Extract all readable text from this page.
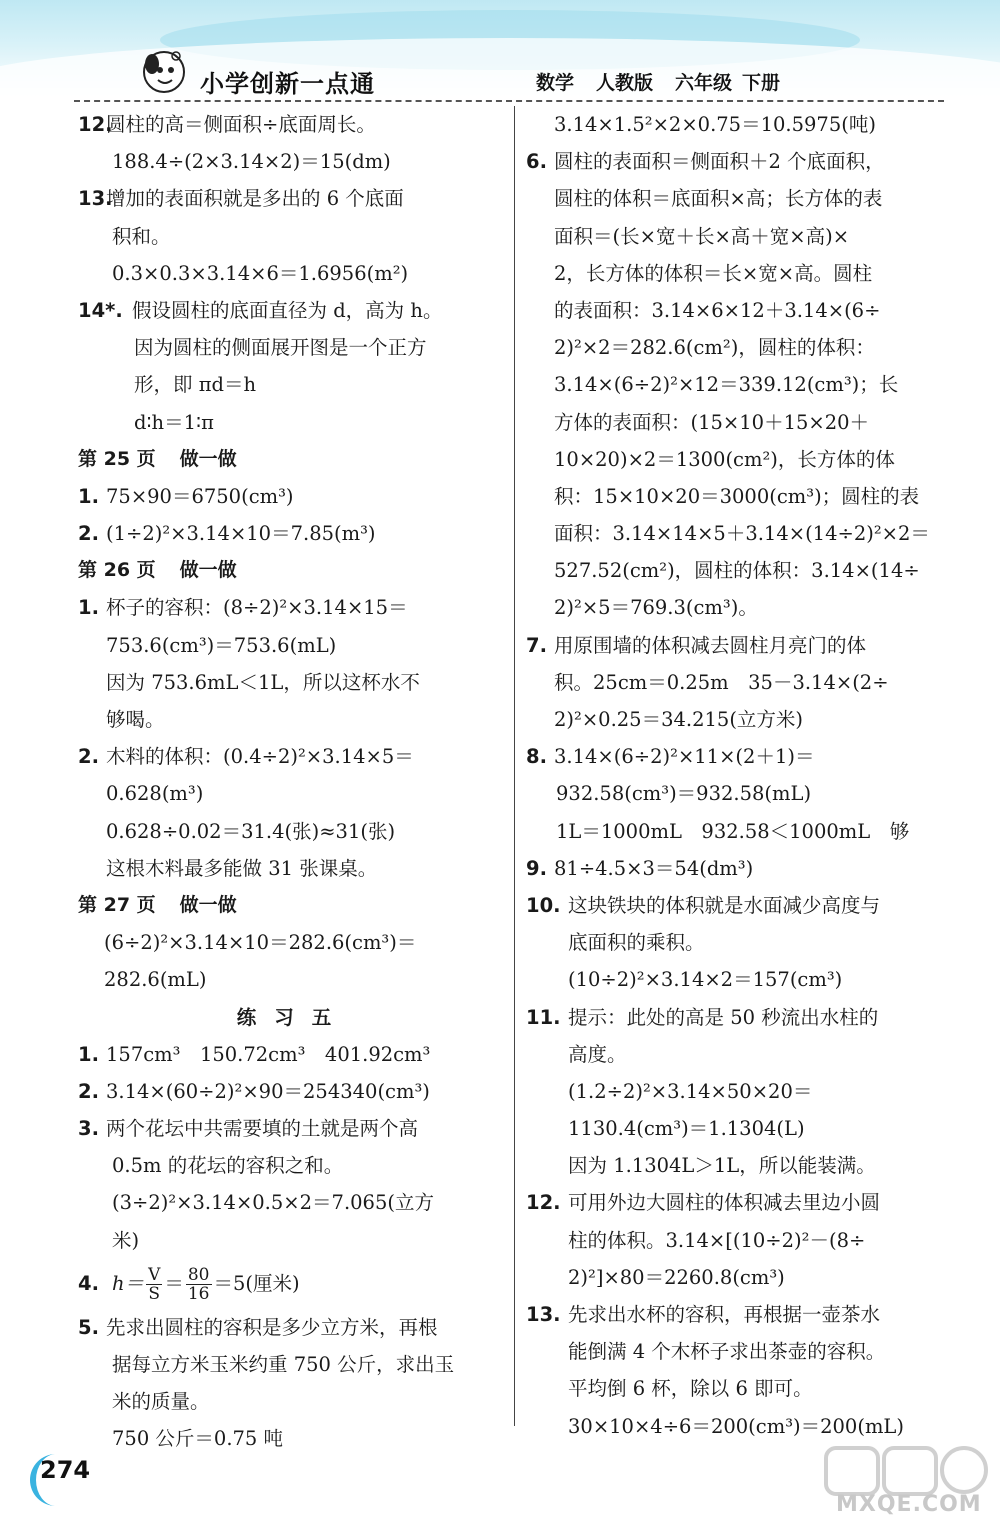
小学创新一点通	数学 人教版 六年级 下册
12.圆柱的高＝侧面积÷底面周长。
188.4÷(2×3.14×2)＝15(dm)
13.增加的表面积就是多出的 6 个底面
积和。
0.3×0.3×3.14×6＝1.6956(m²)
14*. 假设圆柱的底面直径为 d，高为 h。
因为圆柱的侧面展开图是一个正方
形，即 πd＝h
d∶h＝1∶π
第 25 页 做一做
1. 75×90＝6750(cm³)
2. (1÷2)²×3.14×10＝7.85(m³)
第 26 页 做一做
1. 杯子的容积：(8÷2)²×3.14×15＝
753.6(cm³)＝753.6(mL)
因为 753.6mL＜1L，所以这杯水不
够喝。
2. 木料的体积：(0.4÷2)²×3.14×5＝
0.628(m³)
0.628÷0.02＝31.4(张)≈31(张)
这根木料最多能做 31 张课桌。
第 27 页 做一做
(6÷2)²×3.14×10＝282.6(cm³)＝
282.6(mL)
练习五
1. 157cm³　150.72cm³　401.92cm³
2. 3.14×(60÷2)²×90＝254340(cm³)
3. 两个花坛中共需要填的土就是两个高
0.5m 的花坛的容积之和。
(3÷2)²×3.14×0.5×2＝7.065(立方
米)
4. $h= \frac{V}{S} = \frac{80}{16} =5$(厘米)
5. 先求出圆柱的容积是多少立方米，再根
据每立方米玉米约重 750 公斤，求出玉
米的质量。
750 公斤＝0.75 吨
3.14×1.5²×2×0.75＝10.5975(吨)
6. 圆柱的表面积＝侧面积＋2 个底面积，
圆柱的体积＝底面积×高；长方体的表
面积＝(长×宽＋长×高＋宽×高)×
2，长方体的体积＝长×宽×高。圆柱
的表面积：3.14×6×12＋3.14×(6÷
2)²×2＝282.6(cm²)，圆柱的体积：
3.14×(6÷2)²×12＝339.12(cm³)；长
方体的表面积：(15×10＋15×20＋
10×20)×2＝1300(cm²)，长方体的体
积：15×10×20＝3000(cm³)；圆柱的表
面积：3.14×14×5＋3.14×(14÷2)²×2＝
527.52(cm²)，圆柱的体积：3.14×(14÷
2)²×5＝769.3(cm³)。
7. 用原围墙的体积减去圆柱月亮门的体
积。25cm＝0.25m　35－3.14×(2÷
2)²×0.25＝34.215(立方米)
8. 3.14×(6÷2)²×11×(2＋1)＝
932.58(cm³)＝932.58(mL)
1L＝1000mL　932.58＜1000mL　够
9. 81÷4.5×3＝54(dm³)
10. 这块铁块的体积就是水面减少高度与
底面积的乘积。
(10÷2)²×3.14×2＝157(cm³)
11. 提示：此处的高是 50 秒流出水柱的
高度。
(1.2÷2)²×3.14×50×20＝
1130.4(cm³)＝1.1304(L)
因为 1.1304L＞1L，所以能装满。
12. 可用外边大圆柱的体积减去里边小圆
柱的体积。3.14×[(10÷2)²－(8÷
2)²]×80＝2260.8(cm³)
13. 先求出水杯的容积，再根据一壶茶水
能倒满 4 个木杯子求出茶壶的容积。
平均倒 6 杯，除以 6 即可。
30×10×4÷6＝200(cm³)＝200(mL)
274
MXQE.COM
